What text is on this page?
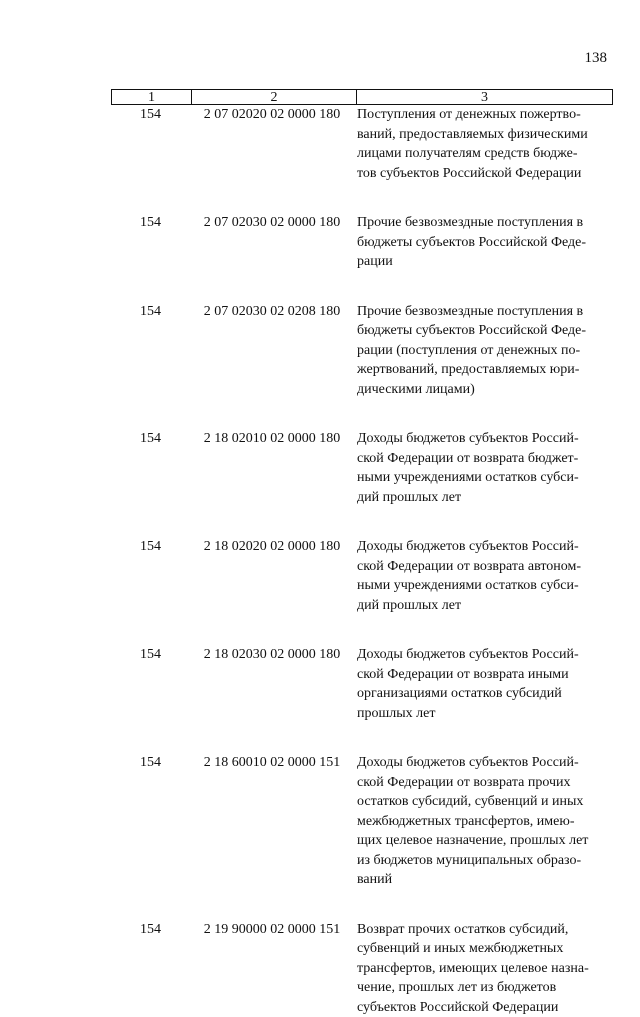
138
1	2	3
154	2 07 02020 02 0000 180	Поступления от денежных пожертво-
ваний, предоставляемых физическими
лицами получателям средств бюдже-
тов субъектов Российской Федерации
154	2 07 02030 02 0000 180	Прочие безвозмездные поступления в
бюджеты субъектов Российской Феде-
рации
154	2 07 02030 02 0208 180	Прочие безвозмездные поступления в
бюджеты субъектов Российской Феде-
рации (поступления от денежных по-
жертвований, предоставляемых юри-
дическими лицами)
154	2 18 02010 02 0000 180	Доходы бюджетов субъектов Россий-
ской Федерации от возврата бюджет-
ными учреждениями остатков субси-
дий прошлых лет
154	2 18 02020 02 0000 180	Доходы бюджетов субъектов Россий-
ской Федерации от возврата автоном-
ными учреждениями остатков субси-
дий прошлых лет
154	2 18 02030 02 0000 180	Доходы бюджетов субъектов Россий-
ской Федерации от возврата иными
организациями остатков субсидий
прошлых лет
154	2 18 60010 02 0000 151	Доходы бюджетов субъектов Россий-
ской Федерации от возврата прочих
остатков субсидий, субвенций и иных
межбюджетных трансфертов, имею-
щих целевое назначение, прошлых лет
из бюджетов муниципальных образо-
ваний
154	2 19 90000 02 0000 151	Возврат прочих остатков субсидий,
субвенций и иных межбюджетных
трансфертов, имеющих целевое назна-
чение, прошлых лет из бюджетов
субъектов Российской Федерации
